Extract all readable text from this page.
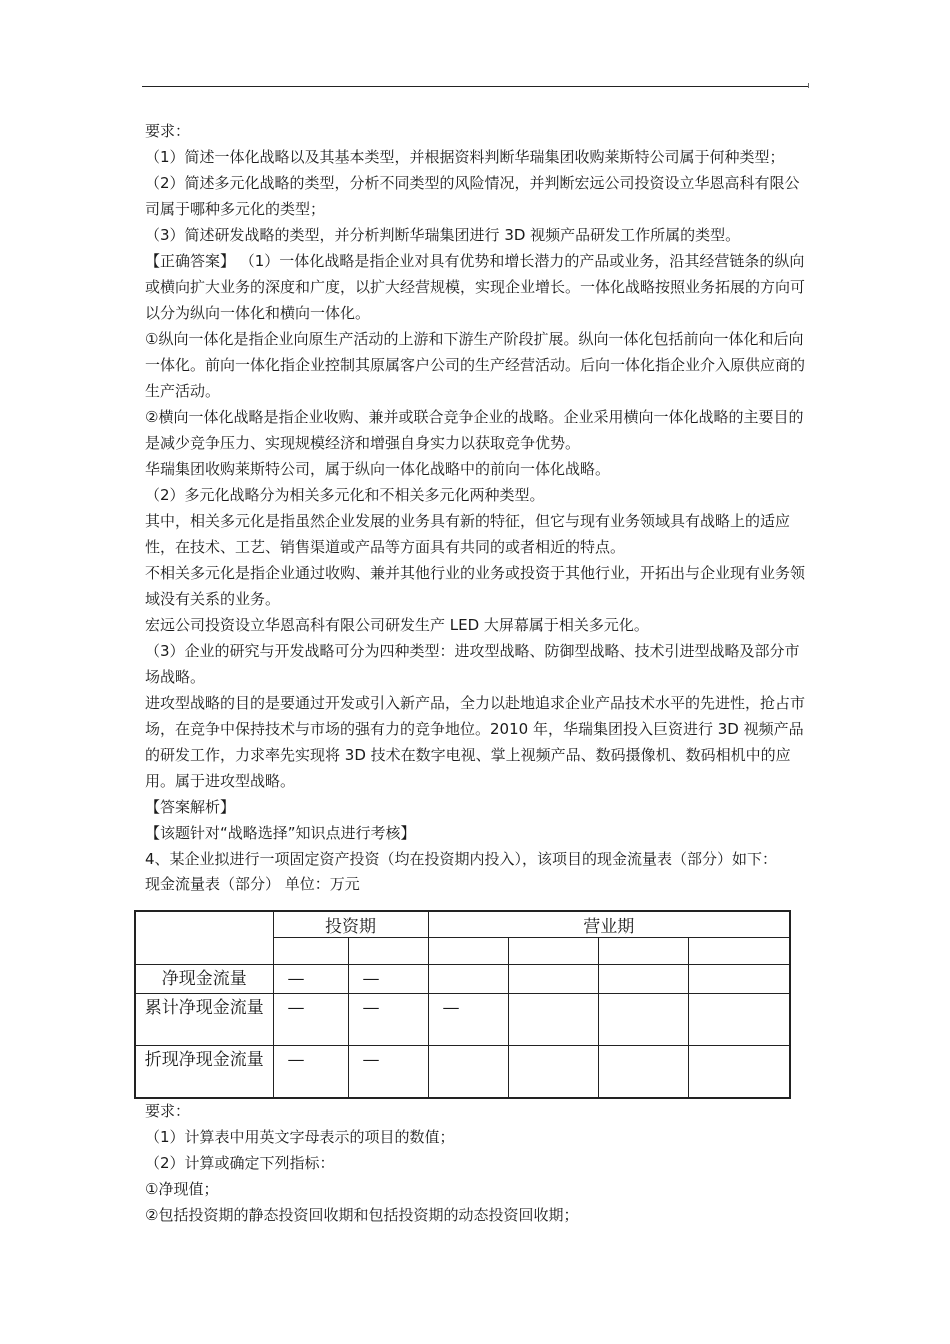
要求：

（1）简述一体化战略以及其基本类型，并根据资料判断华瑞集团收购莱斯特公司属于何种类型；

（2）简述多元化战略的类型，分析不同类型的风险情况，并判断宏远公司投资设立华恩高科有限公司属于哪种多元化的类型；

（3）简述研发战略的类型，并分析判断华瑞集团进行 3D 视频产品研发工作所属的类型。

【正确答案】 （1）一体化战略是指企业对具有优势和增长潜力的产品或业务，沿其经营链条的纵向或横向扩大业务的深度和广度，以扩大经营规模，实现企业增长。一体化战略按照业务拓展的方向可以分为纵向一体化和横向一体化。

①纵向一体化是指企业向原生产活动的上游和下游生产阶段扩展。纵向一体化包括前向一体化和后向一体化。前向一体化指企业控制其原属客户公司的生产经营活动。后向一体化指企业介入原供应商的生产活动。

②横向一体化战略是指企业收购、兼并或联合竞争企业的战略。企业采用横向一体化战略的主要目的是减少竞争压力、实现规模经济和增强自身实力以获取竞争优势。

华瑞集团收购莱斯特公司，属于纵向一体化战略中的前向一体化战略。

（2）多元化战略分为相关多元化和不相关多元化两种类型。

其中，相关多元化是指虽然企业发展的业务具有新的特征，但它与现有业务领域具有战略上的适应性，在技术、工艺、销售渠道或产品等方面具有共同的或者相近的特点。

不相关多元化是指企业通过收购、兼并其他行业的业务或投资于其他行业，开拓出与企业现有业务领域没有关系的业务。

宏远公司投资设立华恩高科有限公司研发生产 LED 大屏幕属于相关多元化。

（3）企业的研究与开发战略可分为四种类型：进攻型战略、防御型战略、技术引进型战略及部分市场战略。

进攻型战略的目的是要通过开发或引入新产品，全力以赴地追求企业产品技术水平的先进性，抢占市场，在竞争中保持技术与市场的强有力的竞争地位。2010 年，华瑞集团投入巨资进行 3D 视频产品的研发工作，力求率先实现将 3D 技术在数字电视、掌上视频产品、数码摄像机、数码相机中的应用。属于进攻型战略。

【答案解析】

【该题针对“战略选择”知识点进行考核】

4、某企业拟进行一项固定资产投资（均在投资期内投入），该项目的现金流量表（部分）如下：

现金流量表（部分） 单位：万元

	投资期		营业期			

净现金流量	—	—				
累计净现金流量	—	—	—			
折现净现金流量	—	—				

要求：

（1）计算表中用英文字母表示的项目的数值；

（2）计算或确定下列指标：

①净现值；

②包括投资期的静态投资回收期和包括投资期的动态投资回收期；
